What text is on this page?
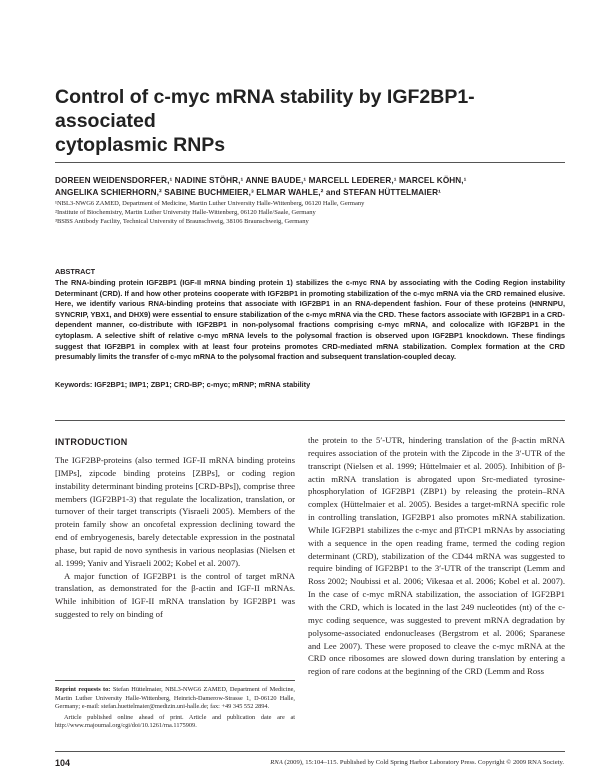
Control of c-myc mRNA stability by IGF2BP1-associated
cytoplasmic RNPs
DOREEN WEIDENSDORFER,¹ NADINE STÖHR,¹ ANNE BAUDE,¹ MARCELL LEDERER,¹ MARCEL KÖHN,¹
ANGELIKA SCHIERHORN,² SABINE BUCHMEIER,³ ELMAR WAHLE,² and STEFAN HÜTTELMAIER¹
¹NBL3-NWG6 ZAMED, Department of Medicine, Martin Luther University Halle-Wittenberg, 06120 Halle, Germany
²Institute of Biochemistry, Martin Luther University Halle-Wittenberg, 06120 Halle/Saale, Germany
³BSBS Antibody Facility, Technical University of Braunschweig, 38106 Braunschweig, Germany
ABSTRACT
The RNA-binding protein IGF2BP1 (IGF-II mRNA binding protein 1) stabilizes the c-myc RNA by associating with the Coding Region instability Determinant (CRD). If and how other proteins cooperate with IGF2BP1 in promoting stabilization of the c-myc mRNA via the CRD remained elusive. Here, we identify various RNA-binding proteins that associate with IGF2BP1 in an RNA-dependent fashion. Four of these proteins (HNRNPU, SYNCRIP, YBX1, and DHX9) were essential to ensure stabilization of the c-myc mRNA via the CRD. These factors associate with IGF2BP1 in a CRD-dependent manner, co-distribute with IGF2BP1 in non-polysomal fractions comprising c-myc mRNA, and colocalize with IGF2BP1 in the cytoplasm. A selective shift of relative c-myc mRNA levels to the polysomal fraction is observed upon IGF2BP1 knockdown. These findings suggest that IGF2BP1 in complex with at least four proteins promotes CRD-mediated mRNA stabilization. Complex formation at the CRD presumably limits the transfer of c-myc mRNA to the polysomal fraction and subsequent translation-coupled decay.
Keywords: IGF2BP1; IMP1; ZBP1; CRD-BP; c-myc; mRNP; mRNA stability
INTRODUCTION

The IGF2BP-proteins (also termed IGF-II mRNA binding proteins [IMPs], zipcode binding proteins [ZBPs], or coding region instability determinant binding proteins [CRD-BPs]), comprise three members (IGF2BP1-3) that regulate the localization, translation, or turnover of their target transcripts (Yisraeli 2005). Members of the protein family show an oncofetal expression declining toward the end of embryogenesis, barely detectable expression in the postnatal phase, but rapid de novo synthesis in various neoplasias (Nielsen et al. 1999; Yaniv and Yisraeli 2002; Kobel et al. 2007).

A major function of IGF2BP1 is the control of target mRNA translation, as demonstrated for the β-actin and IGF-II mRNAs. While inhibition of IGF-II mRNA translation by IGF2BP1 was suggested to rely on binding of

the protein to the 5′-UTR, hindering translation of the β-actin mRNA requires association of the protein with the Zipcode in the 3′-UTR of the transcript (Nielsen et al. 1999; Hüttelmaier et al. 2005). Inhibition of β-actin mRNA translation is abrogated upon Src-mediated tyrosine-phosphorylation of IGF2BP1 (ZBP1) by releasing the protein–RNA complex (Hüttelmaier et al. 2005). Besides a target-mRNA specific role in controlling translation, IGF2BP1 also promotes mRNA stabilization. While IGF2BP1 stabilizes the c-myc and βTrCP1 mRNAs by associating with a sequence in the open reading frame, termed the coding region determinant (CRD), stabilization of the CD44 mRNA was suggested to require binding of IGF2BP1 to the 3′-UTR of the transcript (Lemm and Ross 2002; Noubissi et al. 2006; Vikesaa et al. 2006; Kobel et al. 2007). In the case of c-myc mRNA stabilization, the association of IGF2BP1 with the CRD, which is located in the last 249 nucleotides (nt) of the c-myc coding sequence, was suggested to prevent mRNA degradation by polysome-associated endonucleases (Bergstrom et al. 2006; Sparanese and Lee 2007). These were proposed to cleave the c-myc mRNA at the CRD once ribosomes are slowed down during translation by entering a region of rare codons at the beginning of the CRD (Lemm and Ross

Reprint requests to: Stefan Hüttelmaier, NBL3-NWG6 ZAMED, Department of Medicine, Martin Luther University Halle-Wittenberg, Heinrich-Damerow-Strasse 1, D-06120 Halle, Germany; e-mail: stefan.huettelmaier@medizin.uni-halle.de; fax: +49 345 552 2894.

Article published online ahead of print. Article and publication date are at http://www.rnajournal.org/cgi/doi/10.1261/rna.1175909.

104	RNA (2009), 15:104–115. Published by Cold Spring Harbor Laboratory Press. Copyright © 2009 RNA Society.
